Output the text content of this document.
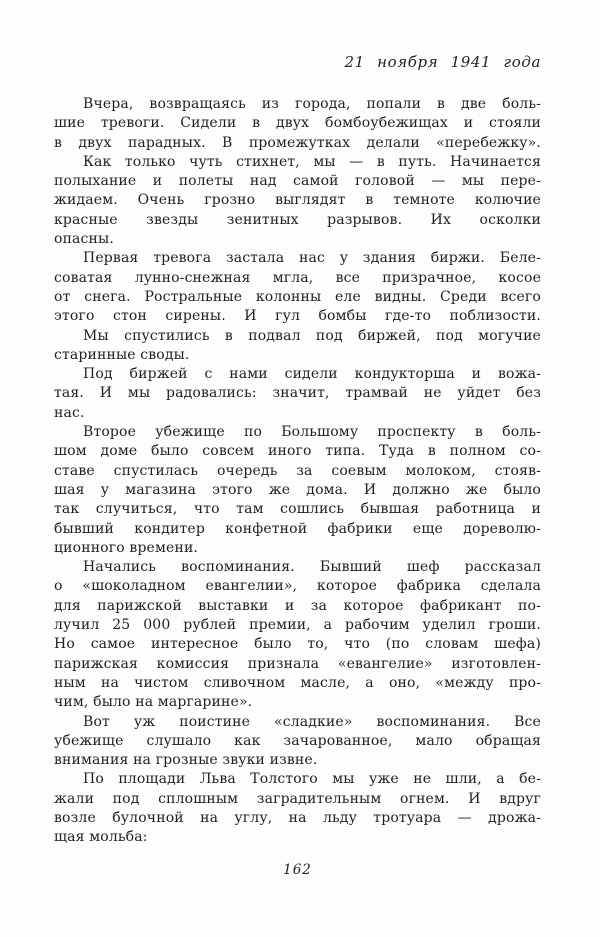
21 ноября 1941 года

Вчера, возвращаясь из города, попали в две боль-
шие тревоги. Сидели в двух бомбоубежищах и стояли
в двух парадных. В промежутках делали «перебежку».

Как только чуть стихнет, мы — в путь. Начинается
полыхание и полеты над самой головой — мы пере-
жидаем. Очень грозно выглядят в темноте колючие
красные звезды зенитных разрывов. Их осколки
опасны.

Первая тревога застала нас у здания биржи. Беле-
соватая лунно-снежная мгла, все призрачное, косое
от снега. Ростральные колонны еле видны. Среди всего
этого стон сирены. И гул бомбы где-то поблизости.

Мы спустились в подвал под биржей, под могучие
старинные своды.

Под биржей с нами сидели кондукторша и вожа-
тая. И мы радовались: значит, трамвай не уйдет без
нас.

Второе убежище по Большому проспекту в боль-
шом доме было совсем иного типа. Туда в полном со-
ставе спустилась очередь за соевым молоком, стояв-
шая у магазина этого же дома. И должно же было
так случиться, что там сошлись бывшая работница и
бывший кондитер конфетной фабрики еще дореволю-
ционного времени.

Начались воспоминания. Бывший шеф рассказал
о «шоколадном евангелии», которое фабрика сделала
для парижской выставки и за которое фабрикант по-
лучил 25 000 рублей премии, а рабочим уделил гроши.
Но самое интересное было то, что (по словам шефа)
парижская комиссия признала «евангелие» изготовлен-
ным на чистом сливочном масле, а оно, «между про-
чим, было на маргарине».

Вот уж поистине «сладкие» воспоминания. Все
убежище слушало как зачарованное, мало обращая
внимания на грозные звуки извне.

По площади Льва Толстого мы уже не шли, а бе-
жали под сплошным заградительным огнем. И вдруг
возле булочной на углу, на льду тротуара — дрожа-
щая мольба:

162
